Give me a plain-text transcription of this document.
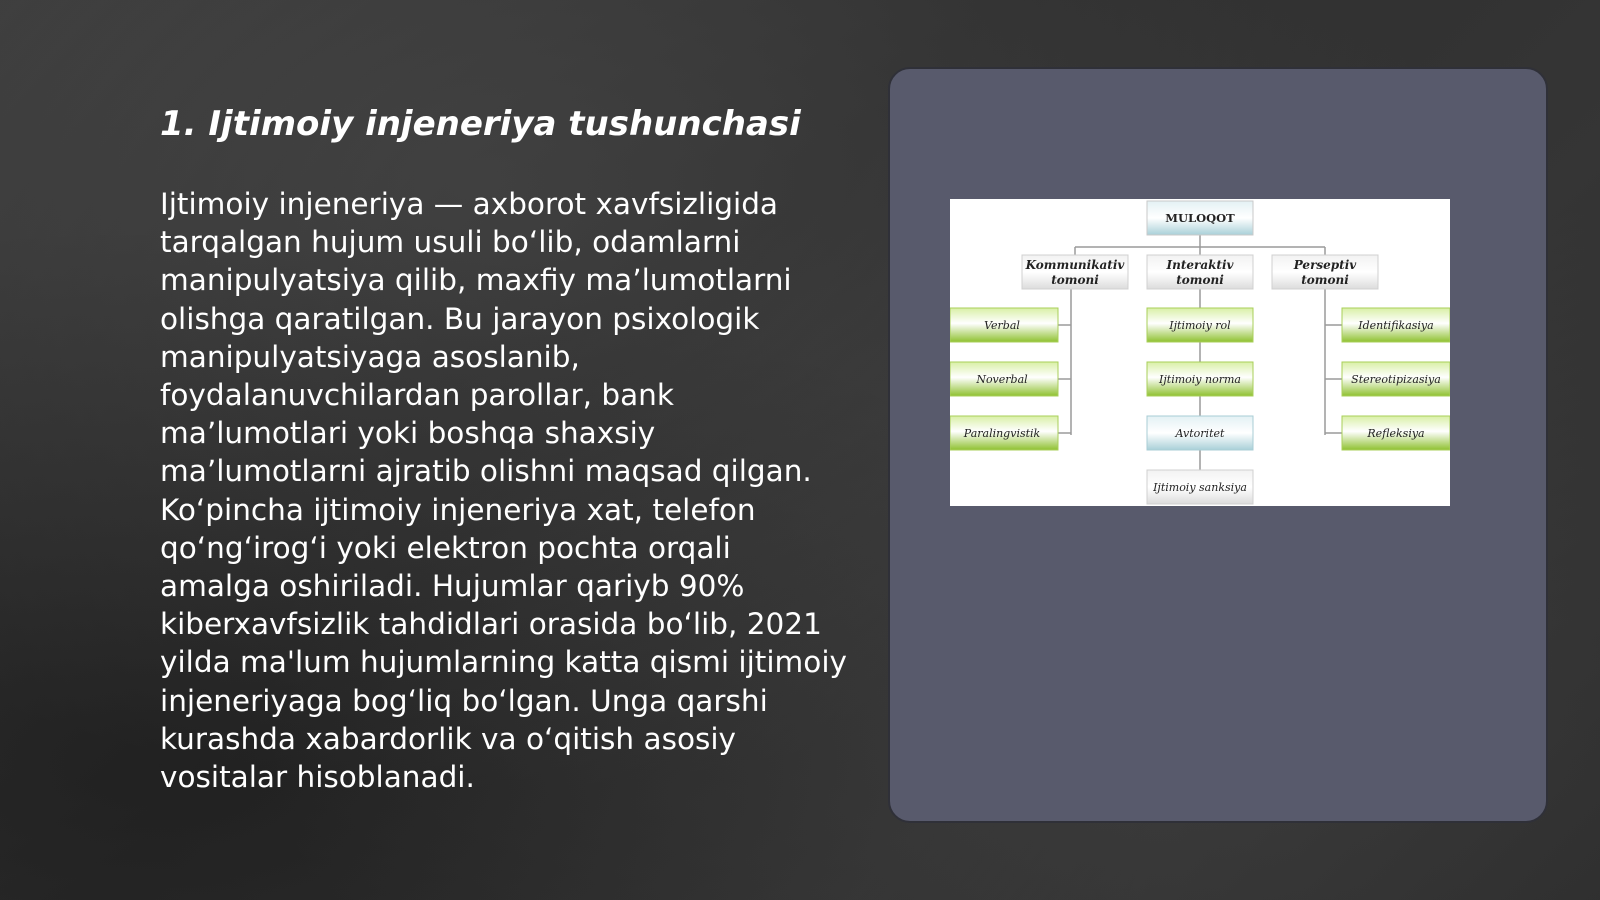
1. Ijtimoiy injeneriya tushunchasi

Ijtimoiy injeneriya — axborot xavfsizligida tarqalgan hujum usuli bo‘lib, odamlarni manipulyatsiya qilib, maxfiy ma’lumotlarni olishga qaratilgan. Bu jarayon psixologik manipulyatsiyaga asoslanib, foydalanuvchilardan parollar, bank ma’lumotlari yoki boshqa shaxsiy ma’lumotlarni ajratib olishni maqsad qilgan. Ko‘pincha ijtimoiy injeneriya xat, telefon qo‘ng‘irog‘i yoki elektron pochta orqali amalga oshiriladi. Hujumlar qariyb 90% kiberxavfsizlik tahdidlari orasida bo‘lib, 2021 yilda ma'lum hujumlarning katta qismi ijtimoiy injeneriyaga bog‘liq bo‘lgan. Unga qarshi kurashda xabardorlik va o‘qitish asosiy vositalar hisoblanadi.

MULOQOT
Kommunikativ
tomoni
Interaktiv
tomoni
Perseptiv
tomoni
Verbal
Noverbal
Paralingvistik
Ijtimoiy rol
Ijtimoiy norma
Avtoritet
Ijtimoiy sanksiya
Identifikasiya
Stereotipizasiya
Refleksiya
